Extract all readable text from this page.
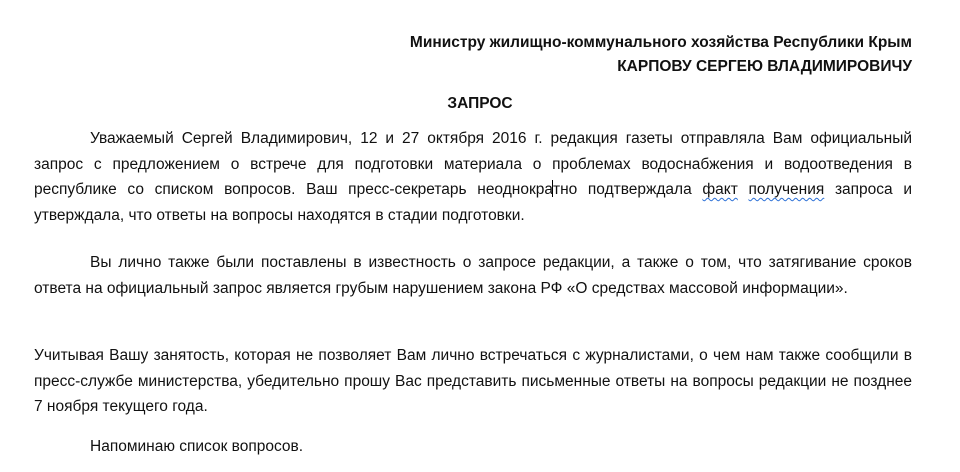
Министру жилищно-коммунального хозяйства Республики Крым
КАРПОВУ СЕРГЕЮ ВЛАДИМИРОВИЧУ
ЗАПРОС

Уважаемый Сергей Владимирович, 12 и 27 октября 2016 г. редакция газеты отправляла Вам официальный запрос с предложением о встрече для подготовки материала о проблемах водоснабжения и водоотведения в республике со списком вопросов. Ваш пресс-секретарь неоднократно подтверждала факт получения запроса и утверждала, что ответы на вопросы находятся в стадии подготовки.

Вы лично также были поставлены в известность о запросе редакции, а также о том, что затягивание сроков ответа на официальный запрос является грубым нарушением закона РФ «О средствах массовой информации».

Учитывая Вашу занятость, которая не позволяет Вам лично встречаться с журналистами, о чем нам также сообщили в пресс-службе министерства, убедительно прошу Вас представить письменные ответы на вопросы редакции не позднее 7 ноября текущего года.

Напоминаю список вопросов.
